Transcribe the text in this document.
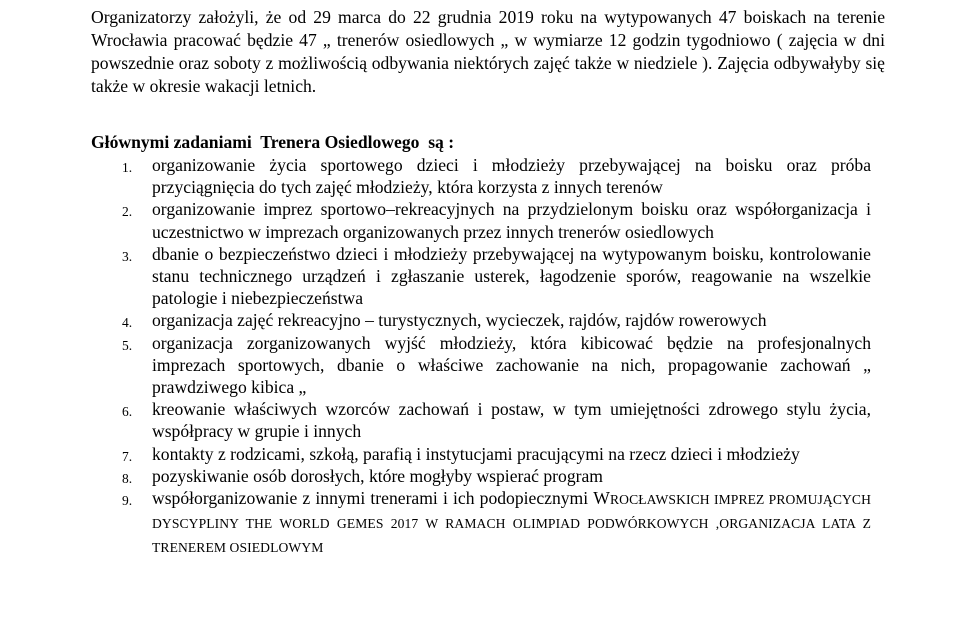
Organizatorzy założyli, że od 29 marca do 22 grudnia 2019 roku na wytypowanych 47 boiskach na terenie Wrocławia pracować będzie 47 „ trenerów osiedlowych „ w wymiarze 12 godzin tygodniowo ( zajęcia w dni powszednie oraz soboty z możliwością odbywania niektórych zajęć także w niedziele ). Zajęcia odbywałyby się także w okresie wakacji letnich.

Głównymi zadaniami  Trenera Osiedlowego  są :

1. organizowanie życia sportowego dzieci i młodzieży przebywającej na boisku oraz próba przyciągnięcia do tych zajęć młodzieży, która korzysta z innych terenów
2. organizowanie imprez sportowo–rekreacyjnych na przydzielonym boisku oraz współorganizacja i uczestnictwo w imprezach organizowanych przez innych trenerów osiedlowych
3. dbanie o bezpieczeństwo dzieci i młodzieży przebywającej na wytypowanym boisku, kontrolowanie stanu technicznego urządzeń i zgłaszanie usterek, łagodzenie sporów, reagowanie na wszelkie patologie i niebezpieczeństwa
4. organizacja zajęć rekreacyjno – turystycznych, wycieczek, rajdów, rajdów rowerowych
5. organizacja zorganizowanych wyjść młodzieży, która kibicować będzie na profesjonalnych imprezach sportowych, dbanie o właściwe zachowanie na nich, propagowanie zachowań „ prawdziwego kibica „
6. kreowanie właściwych wzorców zachowań i postaw, w tym umiejętności zdrowego stylu życia, współpracy w grupie i innych
7. kontakty z rodzicami, szkołą, parafią i instytucjami pracującymi na rzecz dzieci i młodzieży
8. pozyskiwanie osób dorosłych, które mogłyby wspierać program
9. współorganizowanie z innymi trenerami i ich podopiecznymi WROCŁAWSKICH IMPREZ PROMUJĄCYCH DYSCYPLINY THE WORLD GEMES 2017 W RAMACH OLIMPIAD PODWÓRKOWYCH ,ORGANIZACJA LATA Z TRENEREM OSIEDLOWYM
